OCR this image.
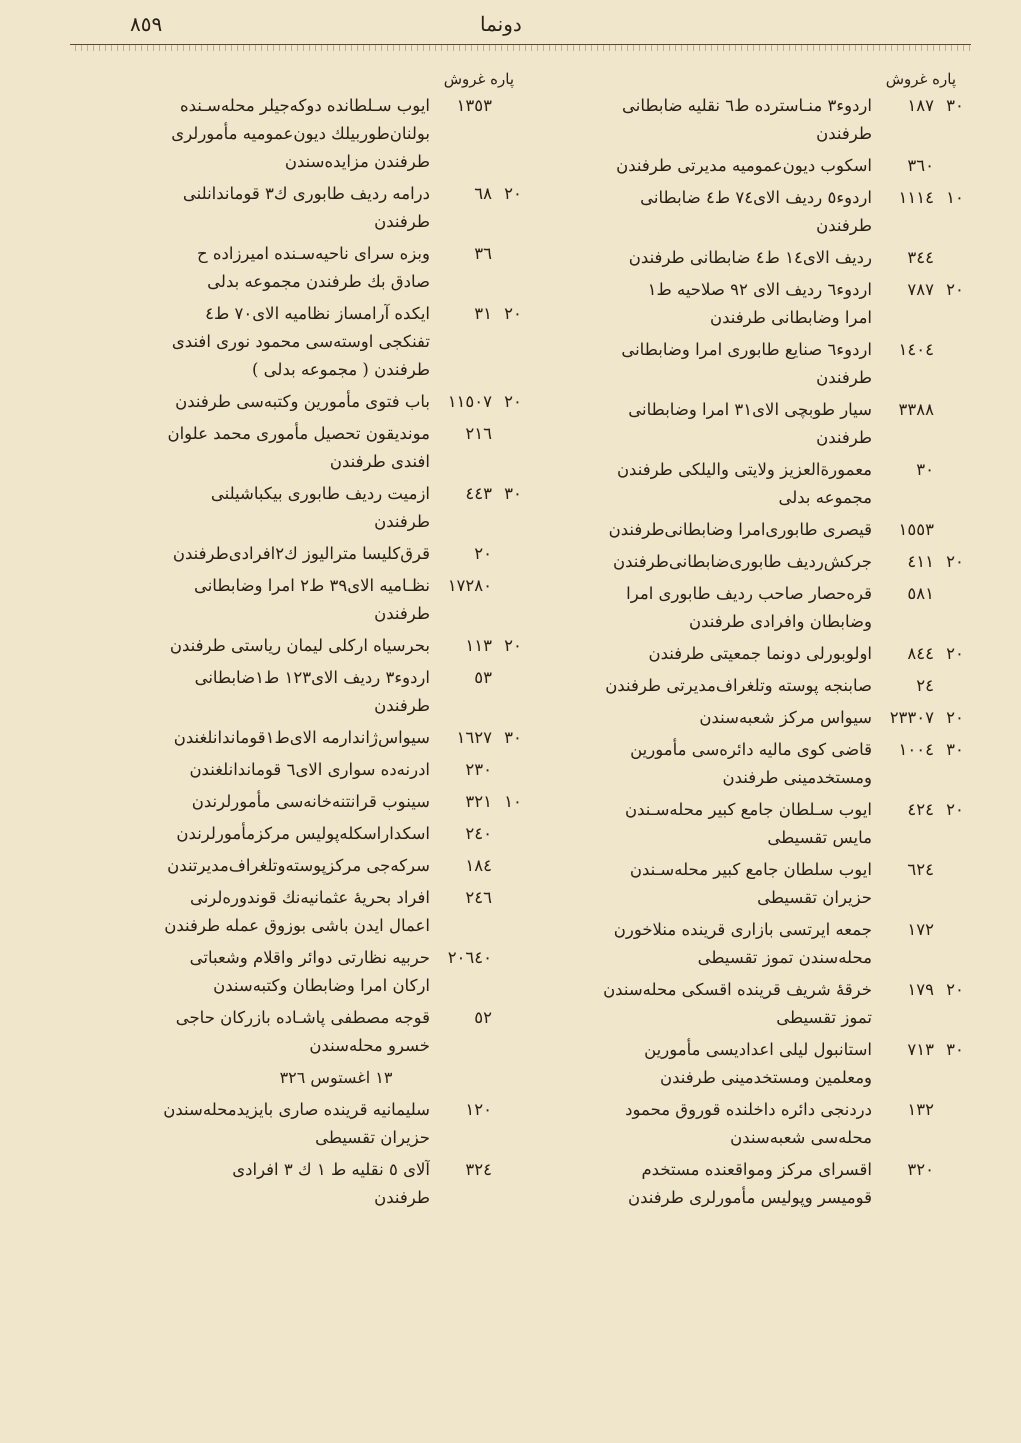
٨٥٩	دونما
پاره غروش
٣٠
١٨٧
اردوء٣ منـاسترده ط٦ نقليه ضابطانى
طرفندن
٣٦٠
اسكوب ديون‌عموميه مديرتى طرفندن
١٠
١١١٤
اردوء٥ رديف الاى٧٤ ط٤ ضابطانى
طرفندن
٣٤٤
رديف الاى١٤ ط٤ ضابطانى طرفندن
٢٠
٧٨٧
اردوء٦ رديف الاى ٩٢ صلاحيه ط١
امرا وضابطانى طرفندن
١٤٠٤
اردوء٦ صنايع طابورى امرا وضابطانى
طرفندن
٣٣٨٨
سيار طوبچى الاى٣١ امرا وضابطانى
طرفندن
٣٠
معمورة‌العزيز ولايتى واليلكى طرفندن
مجموعه بدلى
١٥٥٣
قيصرى طابورى‌امرا وضابطانى‌طرفندن
٢٠
٤١١
جركش‌رديف طابورى‌ضابطانى‌طرفندن
٥٨١
قره‌حصار صاحب رديف طابورى امرا
وضابطان وافرادى طرفندن
٢٠
٨٤٤
اولوبورلى دونما جمعيتى طرفندن
٢٤
صابنجه پوسته وتلغراف‌مديرتى طرفندن
٢٠
٢٣٣٠٧
سيواس مركز شعبه‌سندن
٣٠
١٠٠٤
قاضى كوى ماليه دائره‌سى مأمورين
ومستخدمينى طرفندن
٢٠
٤٢٤
ايوب سـلطان جامع كبير محله‌سـندن
مايس تقسيطى
٦٢٤
ايوب سلطان جامع كبير محله‌سـندن
حزيران تقسيطى
١٧٢
جمعه ايرتسى بازارى قرينده منلاخورن
محله‌سندن تموز تقسيطى
٢٠
١٧٩
خرقهٔ شريف قرينده اقسكى محله‌سندن
تموز تقسيطى
٣٠
٧١٣
استانبول ليلى اعداديسى مأمورين
ومعلمين ومستخدمينى طرفندن
١٣٢
دردنجى دائره داخلنده قوروق محمود
محله‌سى شعبه‌سندن
٣٢٠
اقسراى مركز ومواقعنده مستخدم
قوميسر وپوليس مأمورلرى طرفندن
پاره غروش
١٣٥٣
ايوب سـلطانده دوكه‌جيلر محله‌سـنده
بولنان‌طوربيلك ديون‌عموميه مأمورلرى
طرفندن مزايده‌سندن
٢٠
٦٨
درامه رديف طابورى ك٣ قوماندانلنى
طرفندن
٣٦
وبزه سراى ناحيه‌سـنده اميرزاده ح
صادق بك طرفندن مجموعه بدلى
٢٠
٣١
ايكده آرامساز نظاميه الاى٧٠ ط٤
تفنكجى اوسته‌سى محمود نورى افندى
طرفندن ( مجموعه بدلى )
٢٠
١١٥٠٧
باب فتوى مأمورين وكتبه‌سى طرفندن
٢١٦
مونديقون تحصيل مأمورى محمد علوان
افندى طرفندن
٣٠
٤٤٣
ازميت رديف طابورى بيكباشيلنى
طرفندن
٢٠
قرق‌كليسا متراليوز ك٢افرادى‌طرفندن
١٧٢٨٠
نظـاميه الاى٣٩ ط٢ امرا وضابطانى
طرفندن
٢٠
١١٣
بحرسياه اركلى ليمان رياستى طرفندن
٥٣
اردوء٣ رديف الاى١٢٣ ط١ضابطانى
طرفندن
٣٠
١٦٢٧
سيواس‌ژاندارمه الاى‌ط١قوماندانلغندن
٢٣٠
ادرنه‌ده سوارى الاى٦ قوماندانلغندن
١٠
٣٢١
سينوب قرانتنه‌خانه‌سى مأمورلرندن
٢٤٠
اسكداراسكله‌پوليس مركزمأمورلرندن
١٨٤
سركه‌جى مركزپوسته‌وتلغراف‌مديرتندن
٢٤٦
افراد بحريهٔ عثمانيه‌نك قوندوره‌لرنى
اعمال ايدن باشى بوزوق عمله طرفندن
٢٠٦٤٠
حربيه نظارتى دوائر واقلام وشعباتى
اركان امرا وضابطان وكتبه‌سندن
٥٢
قوجه مصطفى پاشـاده بازركان حاجى
خسرو محله‌سندن
١٣ اغستوس ٣٢٦
١٢٠
سليمانيه قرينده صارى بايزيدمحله‌سندن
حزيران تقسيطى
٣٢٤
آلاى ٥ نقليه ط ١ ك ٣ افرادى
طرفندن
